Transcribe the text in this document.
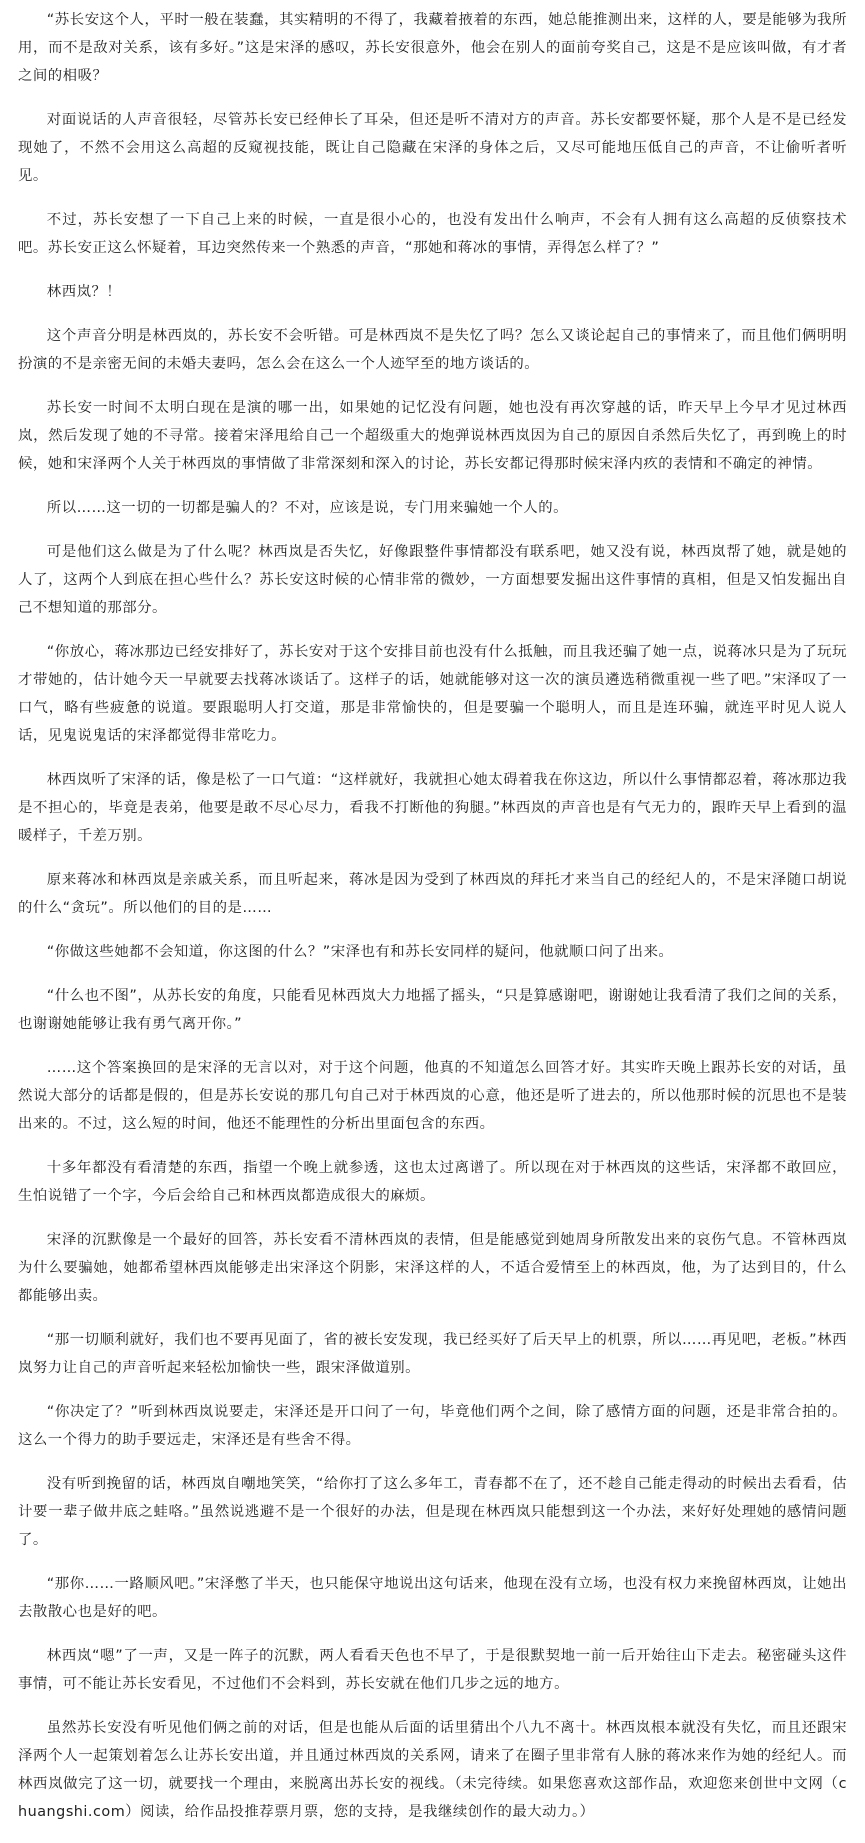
“苏长安这个人，平时一般在装蠢，其实精明的不得了，我藏着掖着的东西，她总能推测出来，这样的人，要是能够为我所用，而不是敌对关系，该有多好。”这是宋泽的感叹，苏长安很意外，他会在别人的面前夸奖自己，这是不是应该叫做，有才者之间的相吸？

对面说话的人声音很轻，尽管苏长安已经伸长了耳朵，但还是听不清对方的声音。苏长安都要怀疑，那个人是不是已经发现她了，不然不会用这么高超的反窥视技能，既让自己隐藏在宋泽的身体之后，又尽可能地压低自己的声音，不让偷听者听见。

不过，苏长安想了一下自己上来的时候，一直是很小心的，也没有发出什么响声，不会有人拥有这么高超的反侦察技术吧。苏长安正这么怀疑着，耳边突然传来一个熟悉的声音，“那她和蒋冰的事情，弄得怎么样了？”

林西岚？！

这个声音分明是林西岚的，苏长安不会听错。可是林西岚不是失忆了吗？怎么又谈论起自己的事情来了，而且他们俩明明扮演的不是亲密无间的未婚夫妻吗，怎么会在这么一个人迹罕至的地方谈话的。

苏长安一时间不太明白现在是演的哪一出，如果她的记忆没有问题，她也没有再次穿越的话，昨天早上今早才见过林西岚，然后发现了她的不寻常。接着宋泽甩给自己一个超级重大的炮弹说林西岚因为自己的原因自杀然后失忆了，再到晚上的时候，她和宋泽两个人关于林西岚的事情做了非常深刻和深入的讨论，苏长安都记得那时候宋泽内疚的表情和不确定的神情。

所以……这一切的一切都是骗人的？不对，应该是说，专门用来骗她一个人的。

可是他们这么做是为了什么呢？林西岚是否失忆，好像跟整件事情都没有联系吧，她又没有说，林西岚帮了她，就是她的人了，这两个人到底在担心些什么？苏长安这时候的心情非常的微妙，一方面想要发掘出这件事情的真相，但是又怕发掘出自己不想知道的那部分。

“你放心，蒋冰那边已经安排好了，苏长安对于这个安排目前也没有什么抵触，而且我还骗了她一点，说蒋冰只是为了玩玩才带她的，估计她今天一早就要去找蒋冰谈话了。这样子的话，她就能够对这一次的演员遴选稍微重视一些了吧。”宋泽叹了一口气，略有些疲惫的说道。要跟聪明人打交道，那是非常愉快的，但是要骗一个聪明人，而且是连环骗，就连平时见人说人话，见鬼说鬼话的宋泽都觉得非常吃力。

林西岚听了宋泽的话，像是松了一口气道：“这样就好，我就担心她太碍着我在你这边，所以什么事情都忍着，蒋冰那边我是不担心的，毕竟是表弟，他要是敢不尽心尽力，看我不打断他的狗腿。”林西岚的声音也是有气无力的，跟昨天早上看到的温暖样子，千差万别。

原来蒋冰和林西岚是亲戚关系，而且听起来，蒋冰是因为受到了林西岚的拜托才来当自己的经纪人的，不是宋泽随口胡说的什么“贪玩”。所以他们的目的是……

“你做这些她都不会知道，你这图的什么？”宋泽也有和苏长安同样的疑问，他就顺口问了出来。

“什么也不图”，从苏长安的角度，只能看见林西岚大力地摇了摇头，“只是算感谢吧，谢谢她让我看清了我们之间的关系，也谢谢她能够让我有勇气离开你。”

……这个答案换回的是宋泽的无言以对，对于这个问题，他真的不知道怎么回答才好。其实昨天晚上跟苏长安的对话，虽然说大部分的话都是假的，但是苏长安说的那几句自己对于林西岚的心意，他还是听了进去的，所以他那时候的沉思也不是装出来的。不过，这么短的时间，他还不能理性的分析出里面包含的东西。

十多年都没有看清楚的东西，指望一个晚上就参透，这也太过离谱了。所以现在对于林西岚的这些话，宋泽都不敢回应，生怕说错了一个字，今后会给自己和林西岚都造成很大的麻烦。

宋泽的沉默像是一个最好的回答，苏长安看不清林西岚的表情，但是能感觉到她周身所散发出来的哀伤气息。不管林西岚为什么要骗她，她都希望林西岚能够走出宋泽这个阴影，宋泽这样的人，不适合爱情至上的林西岚，他，为了达到目的，什么都能够出卖。

“那一切顺利就好，我们也不要再见面了，省的被长安发现，我已经买好了后天早上的机票，所以……再见吧，老板。”林西岚努力让自己的声音听起来轻松加愉快一些，跟宋泽做道别。

“你决定了？”听到林西岚说要走，宋泽还是开口问了一句，毕竟他们两个之间，除了感情方面的问题，还是非常合拍的。这么一个得力的助手要远走，宋泽还是有些舍不得。

没有听到挽留的话，林西岚自嘲地笑笑，“给你打了这么多年工，青春都不在了，还不趁自己能走得动的时候出去看看，估计要一辈子做井底之蛙咯。”虽然说逃避不是一个很好的办法，但是现在林西岚只能想到这一个办法，来好好处理她的感情问题了。

“那你……一路顺风吧。”宋泽憋了半天，也只能保守地说出这句话来，他现在没有立场，也没有权力来挽留林西岚，让她出去散散心也是好的吧。

林西岚“嗯”了一声，又是一阵子的沉默，两人看看天色也不早了，于是很默契地一前一后开始往山下走去。秘密碰头这件事情，可不能让苏长安看见，不过他们不会料到，苏长安就在他们几步之远的地方。

虽然苏长安没有听见他们俩之前的对话，但是也能从后面的话里猜出个八九不离十。林西岚根本就没有失忆，而且还跟宋泽两个人一起策划着怎么让苏长安出道，并且通过林西岚的关系网，请来了在圈子里非常有人脉的蒋冰来作为她的经纪人。而林西岚做完了这一切，就要找一个理由，来脱离出苏长安的视线。（未完待续。如果您喜欢这部作品，欢迎您来创世中文网（chuangshi.com）阅读，给作品投推荐票月票，您的支持，是我继续创作的最大动力。）
